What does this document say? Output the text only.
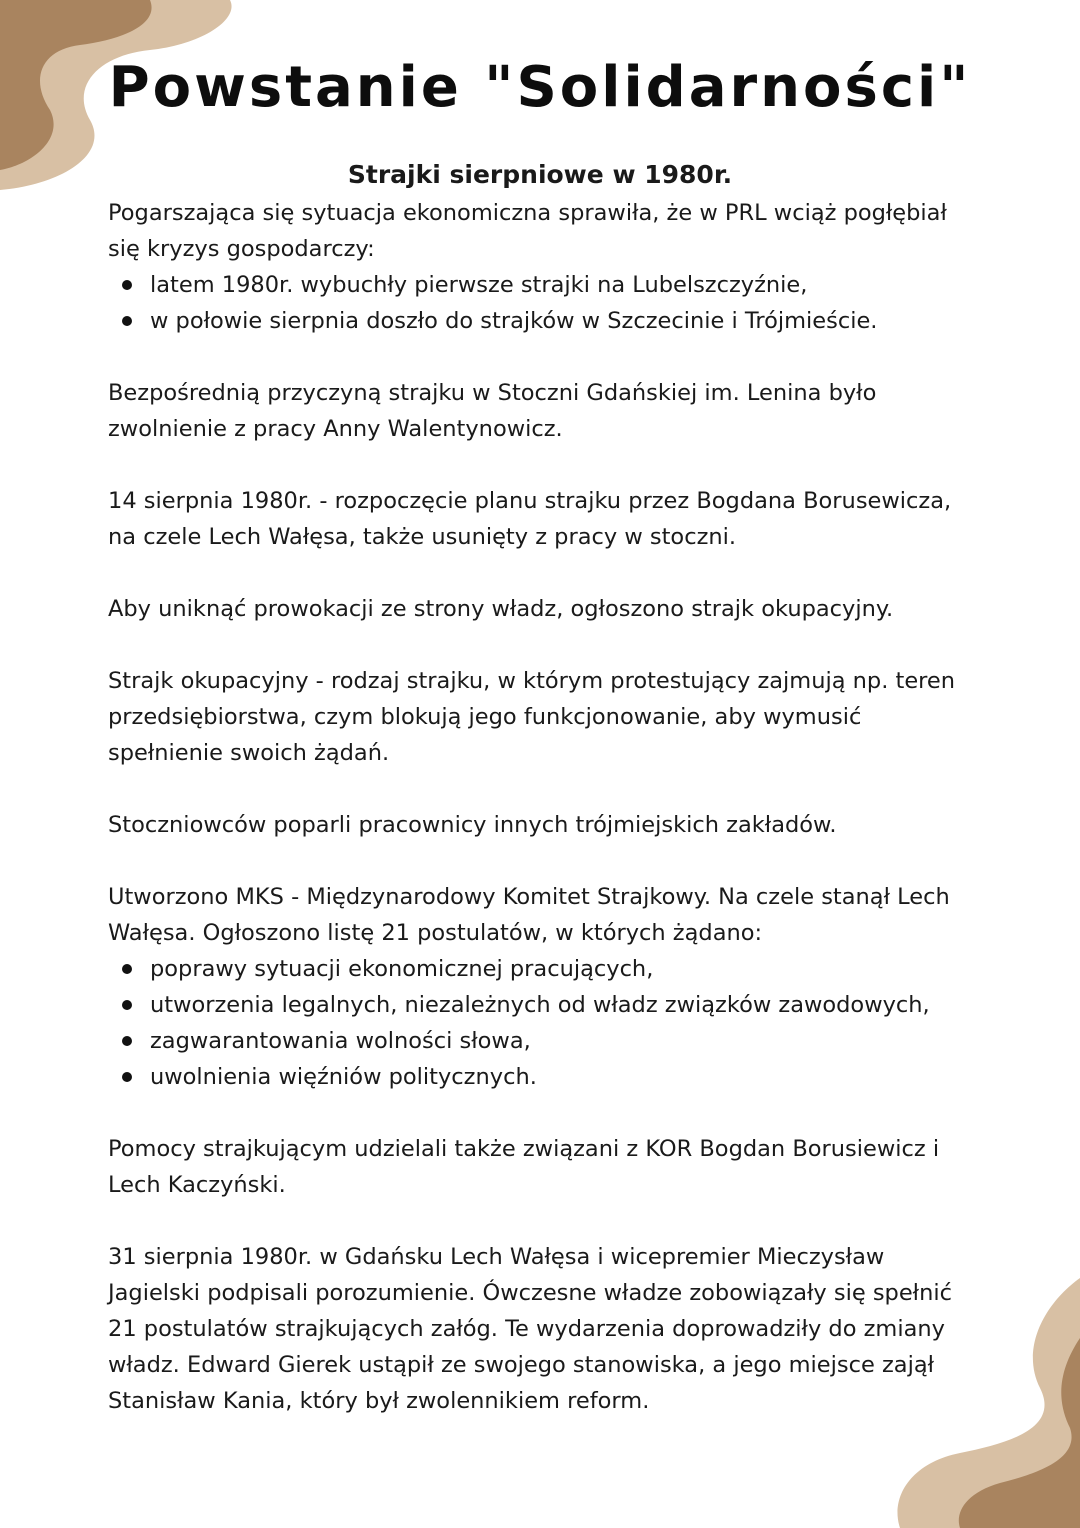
Powstanie "Solidarności"
Strajki sierpniowe w 1980r.

Pogarszająca się sytuacja ekonomiczna sprawiła, że w PRL wciąż pogłębiał się kryzys gospodarczy:

latem 1980r. wybuchły pierwsze strajki na Lubelszczyźnie,
w połowie sierpnia doszło do strajków w Szczecinie i Trójmieście.

Bezpośrednią przyczyną strajku w Stoczni Gdańskiej im. Lenina było zwolnienie z pracy Anny Walentynowicz.

14 sierpnia 1980r. - rozpoczęcie planu strajku przez Bogdana Borusewicza, na czele Lech Wałęsa, także usunięty z pracy w stoczni.

Aby uniknąć prowokacji ze strony władz, ogłoszono strajk okupacyjny.

Strajk okupacyjny - rodzaj strajku, w którym protestujący zajmują np. teren przedsiębiorstwa, czym blokują jego funkcjonowanie, aby wymusić spełnienie swoich żądań.

Stoczniowców poparli pracownicy innych trójmiejskich zakładów.

Utworzono MKS - Międzynarodowy Komitet Strajkowy. Na czele stanął Lech Wałęsa. Ogłoszono listę 21 postulatów, w których żądano:

poprawy sytuacji ekonomicznej pracujących,
utworzenia legalnych, niezależnych od władz związków zawodowych,
zagwarantowania wolności słowa,
uwolnienia więźniów politycznych.

Pomocy strajkującym udzielali także związani z KOR Bogdan Borusiewicz i Lech Kaczyński.

31 sierpnia 1980r. w Gdańsku Lech Wałęsa i wicepremier Mieczysław Jagielski podpisali porozumienie. Ówczesne władze zobowiązały się spełnić 21 postulatów strajkujących załóg. Te wydarzenia doprowadziły do zmiany władz. Edward Gierek ustąpił ze swojego stanowiska, a jego miejsce zajął Stanisław Kania, który był zwolennikiem reform.
